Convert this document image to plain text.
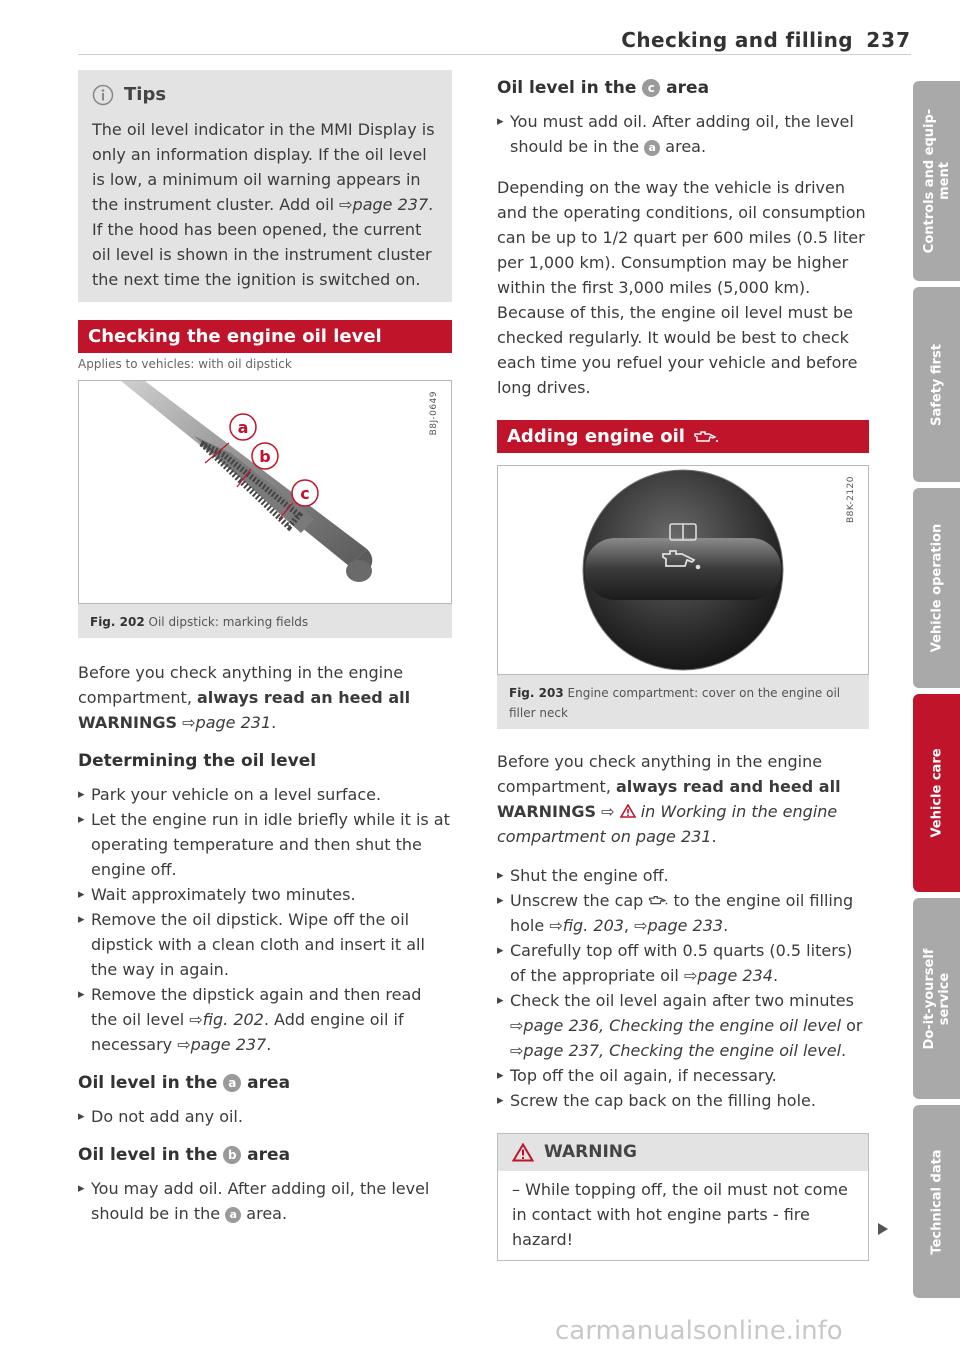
Checking and filling 237
Tips

The oil level indicator in the MMI Display is only an information display. If the oil level is low, a minimum oil warning appears in the instrument cluster. Add oil ⇨page 237. If the hood has been opened, the current oil level is shown in the instrument cluster the next time the ignition is switched on.

Checking the engine oil level
Applies to vehicles: with oil dipstick
a
b
c
B8J-0649
Fig. 202 Oil dipstick: marking fields

Before you check anything in the engine compartment, always read an heed all WARNINGS ⇨page 231.

Determining the oil level
▸ Park your vehicle on a level surface.
▸ Let the engine run in idle briefly while it is at operating temperature and then shut the engine off.
▸ Wait approximately two minutes.
▸ Remove the oil dipstick. Wipe off the oil dipstick with a clean cloth and insert it all the way in again.
▸ Remove the dipstick again and then read the oil level ⇨fig. 202. Add engine oil if necessary ⇨page 237.
Oil level in the a area
▸ Do not add any oil.
Oil level in the b area
▸ You may add oil. After adding oil, the level should be in the a area.
Oil level in the c area
▸ You must add oil. After adding oil, the level should be in the a area.

Depending on the way the vehicle is driven and the operating conditions, oil consumption can be up to 1/2 quart per 600 miles (0.5 liter per 1,000 km). Consumption may be higher within the first 3,000 miles (5,000 km). Because of this, the engine oil level must be checked regularly. It would be best to check each time you refuel your vehicle and before long drives.

Adding engine oil
B8K-2120
Fig. 203 Engine compartment: cover on the engine oil filler neck

Before you check anything in the engine compartment, always read and heed all WARNINGS ⇨  in Working in the engine compartment on page 231.

▸ Shut the engine off.
▸ Unscrew the cap  to the engine oil filling hole ⇨fig. 203, ⇨page 233.
▸ Carefully top off with 0.5 quarts (0.5 liters) of the appropriate oil ⇨page 234.
▸ Check the oil level again after two minutes ⇨page 236, Checking the engine oil level or ⇨page 237, Checking the engine oil level.
▸ Top off the oil again, if necessary.
▸ Screw the cap back on the filling hole.
WARNING
– While topping off, the oil must not come in contact with hot engine parts - fire hazard!
Controls and equip-
ment
Safety first
Vehicle operation
Vehicle care
Do-it-yourself
service
Technical data
carmanualsonline.info
